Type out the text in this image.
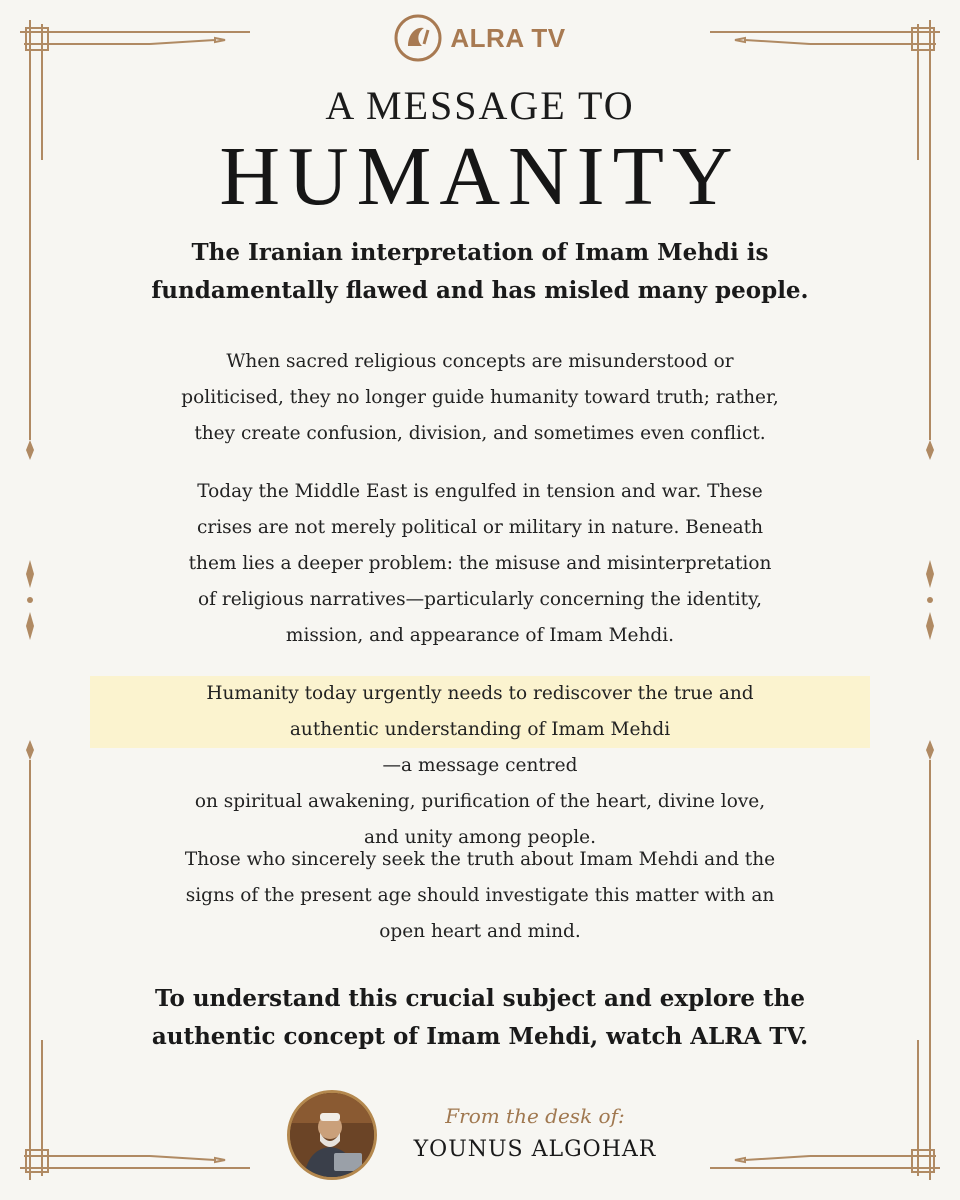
ALRA TV
A MESSAGE TO
HUMANITY
The Iranian interpretation of Imam Mehdi is
fundamentally flawed and has misled many people.
When sacred religious concepts are misunderstood or
politicised, they no longer guide humanity toward truth; rather,
they create confusion, division, and sometimes even conflict.
Today the Middle East is engulfed in tension and war. These
crises are not merely political or military in nature. Beneath
them lies a deeper problem: the misuse and misinterpretation
of religious narratives—particularly concerning the identity,
mission, and appearance of Imam Mehdi.
Humanity today urgently needs to rediscover the true and
authentic understanding of Imam Mehdi
—a message centred
on spiritual awakening, purification of the heart, divine love,
and unity among people.
Those who sincerely seek the truth about Imam Mehdi and the
signs of the present age should investigate this matter with an
open heart and mind.
To understand this crucial subject and explore the
authentic concept of Imam Mehdi, watch ALRA TV.
From the desk of:
YOUNUS ALGOHAR
